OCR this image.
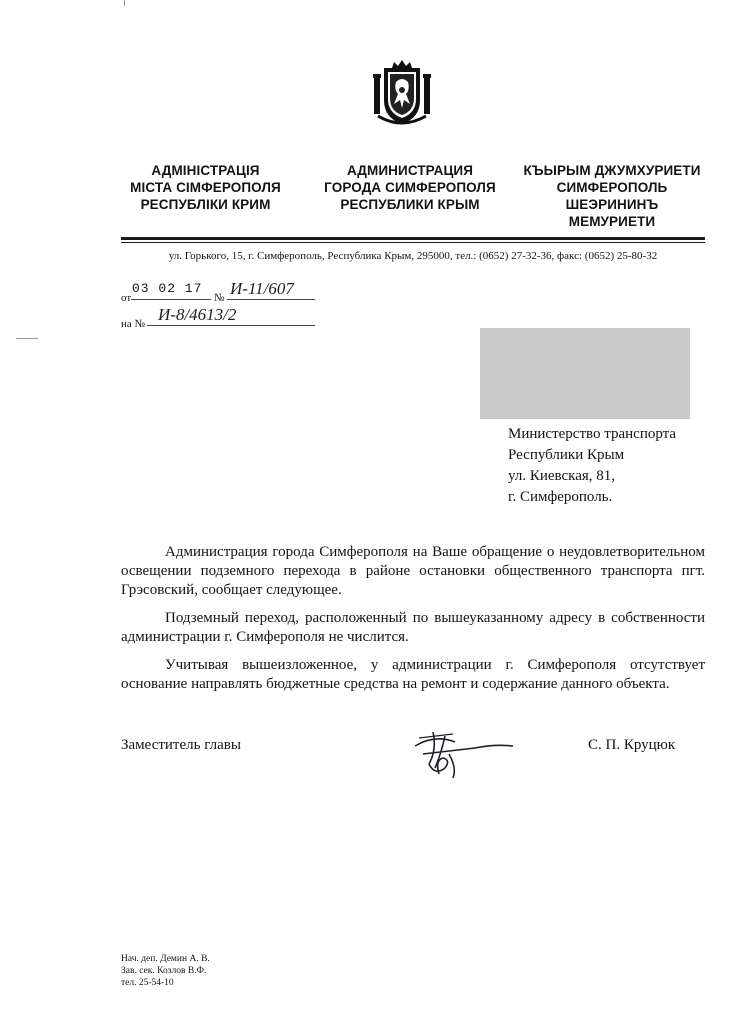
АДМІНІСТРАЦІЯ
МІСТА СІМФЕРОПОЛЯ
РЕСПУБЛІКИ КРИМ
АДМИНИСТРАЦИЯ
ГОРОДА СИМФЕРОПОЛЯ
РЕСПУБЛИКИ КРЫМ
КЪЫРЫМ ДЖУМХУРИЕТИ
СИМФЕРОПОЛЬ
ШЕЭРИНИНЪ
МЕМУРИЕТИ
ул. Горького, 15, г. Симферополь, Республика Крым, 295000, тел.: (0652) 27-32-36, факс: (0652) 25-80-32
от
03 02 17
№ И-11/607
на № И-8/4613/2
Министерство транспорта
Республики Крым
ул. Киевская, 81,
г. Симферополь.

Администрация города Симферополя на Ваше обращение о неудовлетворительном освещении подземного перехода в районе остановки общественного транспорта пгт. Грэсовский, сообщает следующее.

Подземный переход, расположенный по вышеуказанному адресу в собственности администрации г. Симферополя не числится.

Учитывая вышеизложенное, у администрации г. Симферополя отсутствует основание направлять бюджетные средства на ремонт и содержание данного объекта.

Заместитель главы	С. П. Круцюк
Нач. деп. Демин А. В.
Зав. сек. Козлов В.Ф.
тел. 25-54-10
